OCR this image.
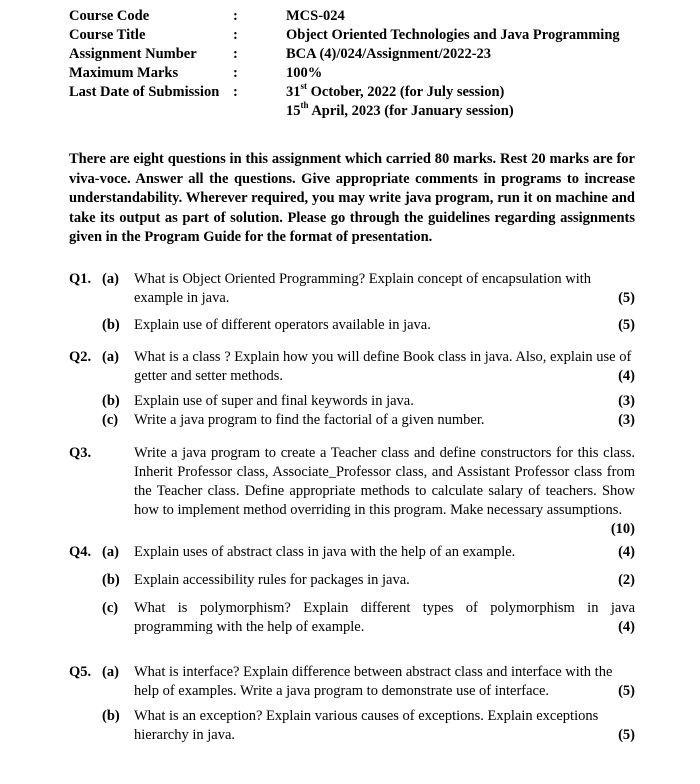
Course Code	:	MCS-024
Course Title	:	Object Oriented Technologies and Java Programming
Assignment Number	:	BCA (4)/024/Assignment/2022-23
Maximum Marks	:	100%
Last Date of Submission :	31st October, 2022 (for July session)
15th April, 2023 (for January session)
There are eight questions in this assignment which carried 80 marks. Rest 20 marks are for viva-voce. Answer all the questions. Give appropriate comments in programs to increase understandability. Wherever required, you may write java program, run it on machine and take its output as part of solution. Please go through the guidelines regarding assignments given in the Program Guide for the format of presentation.
Q1. (a)	What is Object Oriented Programming? Explain concept of encapsulation with
example in java.	(5)
(b) Explain use of different operators available in java.	(5)
Q2. (a)	What is a class ? Explain how you will define Book class in java. Also, explain use of
getter and setter methods.	(4)
(b) Explain use of super and final keywords in java.	(3)
(c)	Write a java program to find the factorial of a given number.	(3)
Q3.	Write a java program to create a Teacher class and define constructors for this class. Inherit Professor class, Associate_Professor class, and Assistant Professor class from the Teacher class. Define appropriate methods to calculate salary of teachers. Show how to implement method overriding in this program. Make necessary assumptions.
(10)
Q4. (a)	Explain uses of abstract class in java with the help of an example.	(4)
(b) Explain accessibility rules for packages in java.	(2)
(c)	What is polymorphism? Explain different types of polymorphism in java
programming with the help of example.	(4)
Q5. (a)	What is interface? Explain difference between abstract class and interface with the
help of examples. Write a java program to demonstrate use of interface.	(5)
(b) What is an exception? Explain various causes of exceptions. Explain exceptions
hierarchy in java.	(5)
